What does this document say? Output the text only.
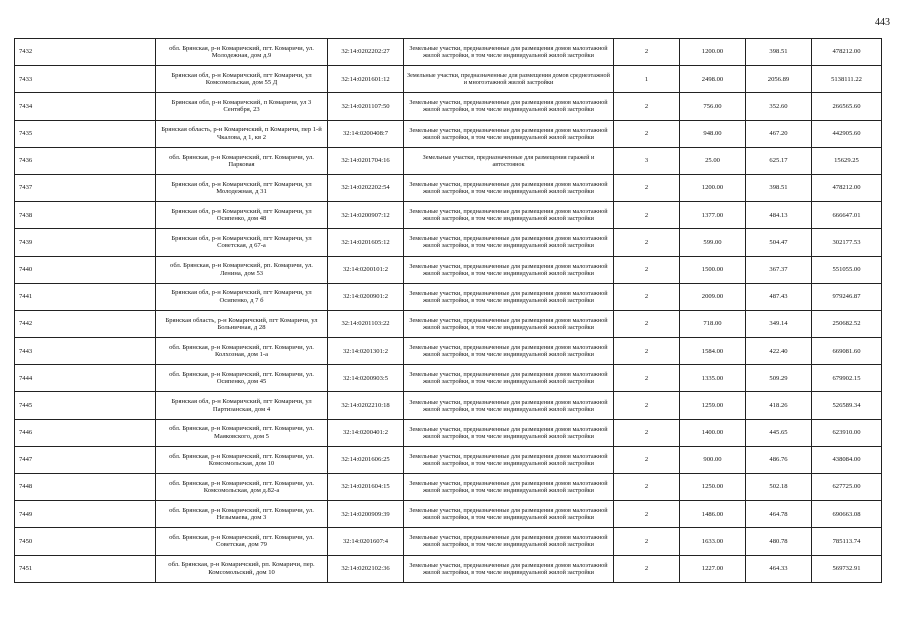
443
7432	обл. Брянская, р-н Комаричский, пгт. Комаричи, ул. Молодежная, дом д.9	32:14:0202202:27	Земельные участки, предназначенные для размещения домов малоэтажной жилой застройки, в том числе индивидуальной жилой застройки	2	1200.00	398.51	478212.00
7433	Брянская обл, р-н Комаричский, пгт Комаричи, ул Комсомольская, дом 55 Д	32:14:0201601:12	Земельные участки, предназначенные для размещения домов среднеэтажной и многоэтажной жилой застройки	1	2498.00	2056.89	5138111.22
7434	Брянская обл, р-н Комаричский, п Комаричи, ул 3 Сентября, 23	32:14:0201107:50	Земельные участки, предназначенные для размещения домов малоэтажной жилой застройки, в том числе индивидуальной жилой застройки	2	756.00	352.60	266565.60
7435	Брянская область, р-н Комаричский, п Комаричи, пер 1-й Чкалова, д 1, кв 2	32:14:0200408:7	Земельные участки, предназначенные для размещения домов малоэтажной жилой застройки, в том числе индивидуальной жилой застройки	2	948.00	467.20	442905.60
7436	обл. Брянская, р-н Комаричский, пгт. Комаричи, ул. Парковая	32:14:0201704:16	Земельные участки, предназначенные для размещения гаражей и автостоянок	3	25.00	625.17	15629.25
7437	Брянская обл, р-н Комаричский, пгт Комаричи, ул Молодежная, д 31	32:14:0202202:54	Земельные участки, предназначенные для размещения домов малоэтажной жилой застройки, в том числе индивидуальной жилой застройки	2	1200.00	398.51	478212.00
7438	Брянская обл, р-н Комаричский, пгт Комаричи, ул Осипенко, дом 48	32:14:0200907:12	Земельные участки, предназначенные для размещения домов малоэтажной жилой застройки, в том числе индивидуальной жилой застройки	2	1377.00	484.13	666647.01
7439	Брянская обл, р-н Комаричский, пгт Комаричи, ул Советская, д 67-а	32:14:0201605:12	Земельные участки, предназначенные для размещения домов малоэтажной жилой застройки, в том числе индивидуальной жилой застройки	2	599.00	504.47	302177.53
7440	обл. Брянская, р-н Комаричский, рп. Комаричи, ул. Ленина, дом 53	32:14:0200101:2	Земельные участки, предназначенные для размещения домов малоэтажной жилой застройки, в том числе индивидуальной жилой застройки	2	1500.00	367.37	551055.00
7441	Брянская обл, р-н Комаричский, пгт Комаричи, ул Осипенко, д 7 б	32:14:0200901:2	Земельные участки, предназначенные для размещения домов малоэтажной жилой застройки, в том числе индивидуальной жилой застройки	2	2009.00	487.43	979246.87
7442	Брянская область, р-н Комаричский, пгт Комаричи, ул Больничная, д 28	32:14:0201103:22	Земельные участки, предназначенные для размещения домов малоэтажной жилой застройки, в том числе индивидуальной жилой застройки	2	718.00	349.14	250682.52
7443	обл. Брянская, р-н Комаричский, пгт. Комаричи, ул. Колхозная, дом 1-а	32:14:0201301:2	Земельные участки, предназначенные для размещения домов малоэтажной жилой застройки, в том числе индивидуальной жилой застройки	2	1584.00	422.40	669081.60
7444	обл. Брянская, р-н Комаричский, пгт. Комаричи, ул. Осипенко, дом 45	32:14:0200903:5	Земельные участки, предназначенные для размещения домов малоэтажной жилой застройки, в том числе индивидуальной жилой застройки	2	1335.00	509.29	679902.15
7445	Брянская обл, р-н Комаричский, пгт Комаричи, ул Партизанская, дом 4	32:14:0202210:18	Земельные участки, предназначенные для размещения домов малоэтажной жилой застройки, в том числе индивидуальной жилой застройки	2	1259.00	418.26	526589.34
7446	обл. Брянская, р-н Комаричский, пгт. Комаричи, ул. Маяковского, дом 5	32:14:0200401:2	Земельные участки, предназначенные для размещения домов малоэтажной жилой застройки, в том числе индивидуальной жилой застройки	2	1400.00	445.65	623910.00
7447	обл. Брянская, р-н Комаричский, пгт. Комаричи, ул. Комсомольская, дом 10	32:14:0201606:25	Земельные участки, предназначенные для размещения домов малоэтажной жилой застройки, в том числе индивидуальной жилой застройки	2	900.00	486.76	438084.00
7448	обл. Брянская, р-н Комаричский, пгт. Комаричи, ул. Комсомольская, дом д.82-а	32:14:0201604:15	Земельные участки, предназначенные для размещения домов малоэтажной жилой застройки, в том числе индивидуальной жилой застройки	2	1250.00	502.18	627725.00
7449	обл. Брянская, р-н Комаричский, пгт. Комаричи, ул. Незымаева, дом 3	32:14:0200909:39	Земельные участки, предназначенные для размещения домов малоэтажной жилой застройки, в том числе индивидуальной жилой застройки	2	1486.00	464.78	690663.08
7450	обл. Брянская, р-н Комаричский, пгт. Комаричи, ул. Советская, дом 79	32:14:0201607:4	Земельные участки, предназначенные для размещения домов малоэтажной жилой застройки, в том числе индивидуальной жилой застройки	2	1633.00	480.78	785113.74
7451	обл. Брянская, р-н Комаричский, рп. Комаричи, пер. Комсомольский, дом 10	32:14:0202102:36	Земельные участки, предназначенные для размещения домов малоэтажной жилой застройки, в том числе индивидуальной жилой застройки	2	1227.00	464.33	569732.91
